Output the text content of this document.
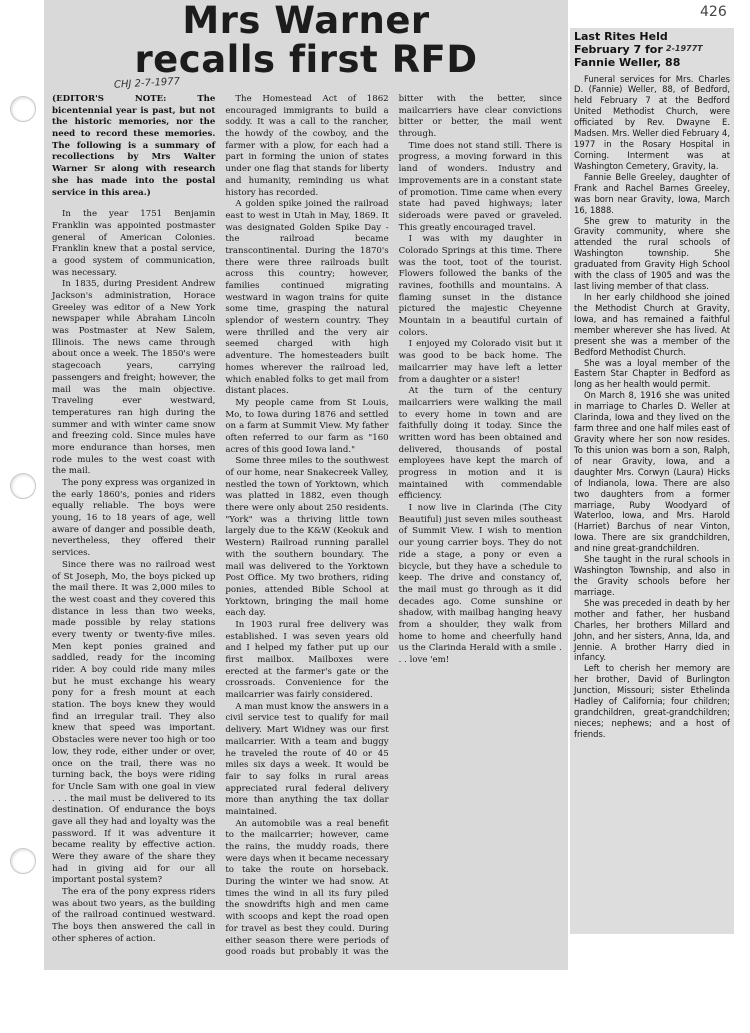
426
Mrs Warner
recalls first RFD
CHJ 2-7-1977

(EDITOR'S NOTE: The bicentennial year is past, but not the historic memories, nor the need to record these memories. The following is a summary of recollections by Mrs Walter Warner Sr along with research she has made into the postal service in this area.)

In the year 1751 Benjamin Franklin was appointed postmaster general of American Colonies. Franklin knew that a postal service, a good system of communication, was necessary.

In 1835, during President Andrew Jackson's administration, Horace Greeley was editor of a New York newspaper while Abraham Lincoln was Postmaster at New Salem, Illinois. The news came through about once a week. The 1850's were stagecoach years, carrying passengers and freight; however, the mail was the main objective. Traveling ever westward, temperatures ran high during the summer and with winter came snow and freezing cold. Since mules have more endurance than horses, men rode mules to the west coast with the mail.

The pony express was organized in the early 1860's, ponies and riders equally reliable. The boys were young, 16 to 18 years of age, well aware of danger and possible death, nevertheless, they offered their services.

Since there was no railroad west of St Joseph, Mo, the boys picked up the mail there. It was 2,000 miles to the west coast and they covered this distance in less than two weeks, made possible by relay stations every twenty or twenty-five miles. Men kept ponies grained and saddled, ready for the incoming rider. A boy could ride many miles but he must exchange his weary pony for a fresh mount at each station. The boys knew they would find an irregular trail. They also knew that speed was important. Obstacles were never too high or too low, they rode, either under or over, once on the trail, there was no turning back, the boys were riding for Uncle Sam with one goal in view . . . the mail must be delivered to its destination. Of endurance the boys gave all they had and loyalty was the password. If it was adventure it became reality by effective action. Were they aware of the share they had in giving aid for our all important postal system?

The era of the pony express riders was about two years, as the building of the railroad continued westward. The boys then answered the call in other spheres of action.

The Homestead Act of 1862 encouraged immigrants to build a soddy. It was a call to the rancher, the howdy of the cowboy, and the farmer with a plow, for each had a part in forming the union of states under one flag that stands for liberty and humanity, reminding us what history has recorded.

A golden spike joined the railroad east to west in Utah in May, 1869. It was designated Golden Spike Day - the railroad became transcontinental. During the 1870's there were three railroads built across this country; however, families continued migrating westward in wagon trains for quite some time, grasping the natural splendor of western country. They were thrilled and the very air seemed charged with high adventure. The homesteaders built homes wherever the railroad led, which enabled folks to get mail from distant places.

My people came from St Louis, Mo, to Iowa during 1876 and settled on a farm at Summit View. My father often referred to our farm as "160 acres of this good Iowa land."

Some three miles to the southwest of our home, near Snakecreek Valley, nestled the town of Yorktown, which was platted in 1882, even though there were only about 250 residents. "York" was a thriving little town largely due to the K&W (Keokuk and Western) Railroad running parallel with the southern boundary. The mail was delivered to the Yorktown Post Office. My two brothers, riding ponies, attended Bible School at Yorktown, bringing the mail home each day.

In 1903 rural free delivery was established. I was seven years old and I helped my father put up our first mailbox. Mailboxes were erected at the farmer's gate or the crossroads. Convenience for the mailcarrier was fairly considered.

A man must know the answers in a civil service test to qualify for mail delivery. Mart Widney was our first mailcarrier. With a team and buggy he traveled the route of 40 or 45 miles six days a week. It would be fair to say folks in rural areas appreciated rural federal delivery more than anything the tax dollar maintained.

An automobile was a real benefit to the mailcarrier; however, came the rains, the muddy roads, there were days when it became necessary to take the route on horseback. During the winter we had snow. At times the wind in all its fury piled the snowdrifts high and men came with scoops and kept the road open for travel as best they could. During either season there were periods of good roads but probably it was the bitter with the better, since mailcarriers have clear convictions bitter or better, the mail went through.

Time does not stand still. There is progress, a moving forward in this land of wonders. Industry and improvements are in a constant state of promotion. Time came when every state had paved highways; later sideroads were paved or graveled. This greatly encouraged travel.

I was with my daughter in Colorado Springs at this time. There was the toot, toot of the tourist. Flowers followed the banks of the ravines, foothills and mountains. A flaming sunset in the distance pictured the majestic Cheyenne Mountain in a beautiful curtain of colors.

I enjoyed my Colorado visit but it was good to be back home. The mailcarrier may have left a letter from a daughter or a sister!

At the turn of the century mailcarriers were walking the mail to every home in town and are faithfully doing it today. Since the written word has been obtained and delivered, thousands of postal employees have kept the march of progress in motion and it is maintained with commendable efficiency.

I now live in Clarinda (The City Beautiful) just seven miles southeast of Summit View. I wish to mention our young carrier boys. They do not ride a stage, a pony or even a bicycle, but they have a schedule to keep. The drive and constancy of, the mail must go through as it did decades ago. Come sunshine or shadow, with mailbag hanging heavy from a shoulder, they walk from home to home and cheerfully hand us the Clarinda Herald with a smile . . . love 'em!

Last Rites Held
February 7 for
Fannie Weller, 88
2-1977T

Funeral services for Mrs. Charles D. (Fannie) Weller, 88, of Bedford, held February 7 at the Bedford United Methodist Church, were officiated by Rev. Dwayne E. Madsen. Mrs. Weller died February 4, 1977 in the Rosary Hospital in Corning. Interment was at Washington Cemetery, Gravity, Ia.

Fannie Belle Greeley, daughter of Frank and Rachel Barnes Greeley, was born near Gravity, Iowa, March 16, 1888.

She grew to maturity in the Gravity community, where she attended the rural schools of Washington township. She graduated from Gravity High School with the class of 1905 and was the last living member of that class.

In her early childhood she joined the Methodist Church at Gravity, Iowa, and has remained a faithful member wherever she has lived. At present she was a member of the Bedford Methodist Church.

She was a loyal member of the Eastern Star Chapter in Bedford as long as her health would permit.

On March 8, 1916 she was united in marriage to Charles D. Weller at Clarinda, Iowa and they lived on the farm three and one half miles east of Gravity where her son now resides. To this union was born a son, Ralph, of near Gravity, Iowa, and a daughter Mrs. Corwyn (Laura) Hicks of Indianola, Iowa. There are also two daughters from a former marriage, Ruby Woodyard of Waterloo, Iowa, and Mrs. Harold (Harriet) Barchus of near Vinton, Iowa. There are six grandchildren, and nine great-grandchildren.

She taught in the rural schools in Washington Township, and also in the Gravity schools before her marriage.

She was preceded in death by her mother and father, her husband Charles, her brothers Millard and John, and her sisters, Anna, Ida, and Jennie. A brother Harry died in infancy.

Left to cherish her memory are her brother, David of Burlington Junction, Missouri; sister Ethelinda Hadley of California; four children; grandchildren, great-grandchildren; nieces; nephews; and a host of friends.
